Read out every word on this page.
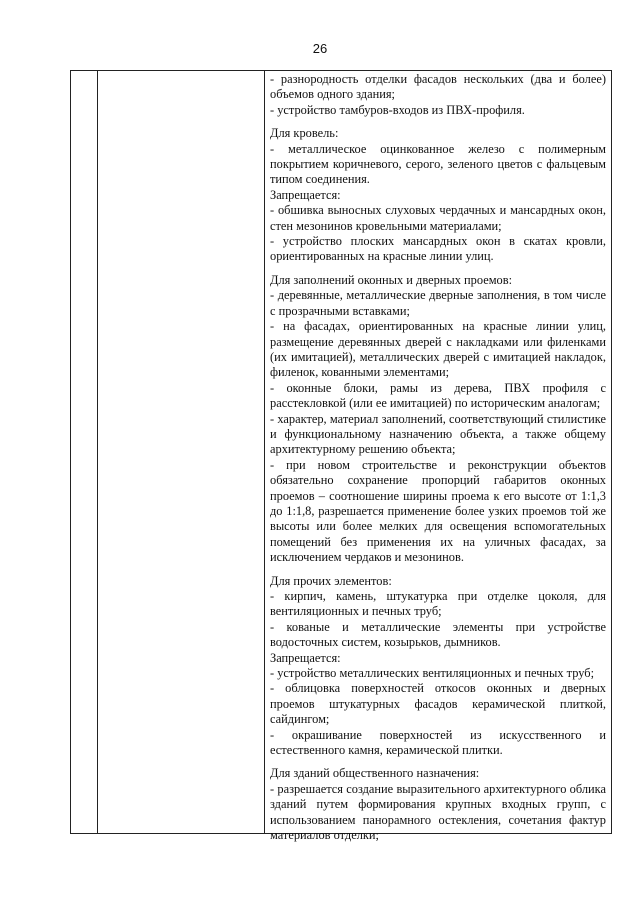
26

- разнородность отделки фасадов нескольких (два и более) объемов одного здания;

- устройство тамбуров-входов из ПВХ-профиля.

Для кровель:

- металлическое оцинкованное железо с полимерным покрытием коричневого, серого, зеленого цветов с фальцевым типом соединения.

Запрещается:

- обшивка выносных слуховых чердачных и мансардных окон, стен мезонинов кровельными материалами;

- устройство плоских мансардных окон в скатах кровли, ориентированных на красные линии улиц.

Для заполнений оконных и дверных проемов:

- деревянные, металлические дверные заполнения, в том числе с прозрачными вставками;

- на фасадах, ориентированных на красные линии улиц, размещение деревянных дверей с накладками или филенками (их имитацией), металлических дверей с имитацией накладок, филенок, кованными элементами;

- оконные блоки, рамы из дерева, ПВХ профиля с расстекловкой (или ее имитацией) по историческим аналогам;

- характер, материал заполнений, соответствующий стилистике и функциональному назначению объекта, а также общему архитектурному решению объекта;

- при новом строительстве и реконструкции объектов обязательно сохранение пропорций габаритов оконных проемов – соотношение ширины проема к его высоте от 1:1,3 до 1:1,8, разрешается применение более узких проемов той же высоты или более мелких для освещения вспомогательных помещений без применения их на уличных фасадах, за исключением чердаков и мезонинов.

Для прочих элементов:

- кирпич, камень, штукатурка при отделке цоколя, для вентиляционных и печных труб;

- кованые и металлические элементы при устройстве водосточных систем, козырьков, дымников.

Запрещается:

- устройство металлических вентиляционных и печных труб;

- облицовка поверхностей откосов оконных и дверных проемов штукатурных фасадов керамической плиткой, сайдингом;

- окрашивание поверхностей из искусственного и естественного камня, керамической плитки.

Для зданий общественного назначения:

- разрешается создание выразительного архитектурного облика зданий путем формирования крупных входных групп, с использованием панорамного остекления, сочетания фактур материалов отделки;
